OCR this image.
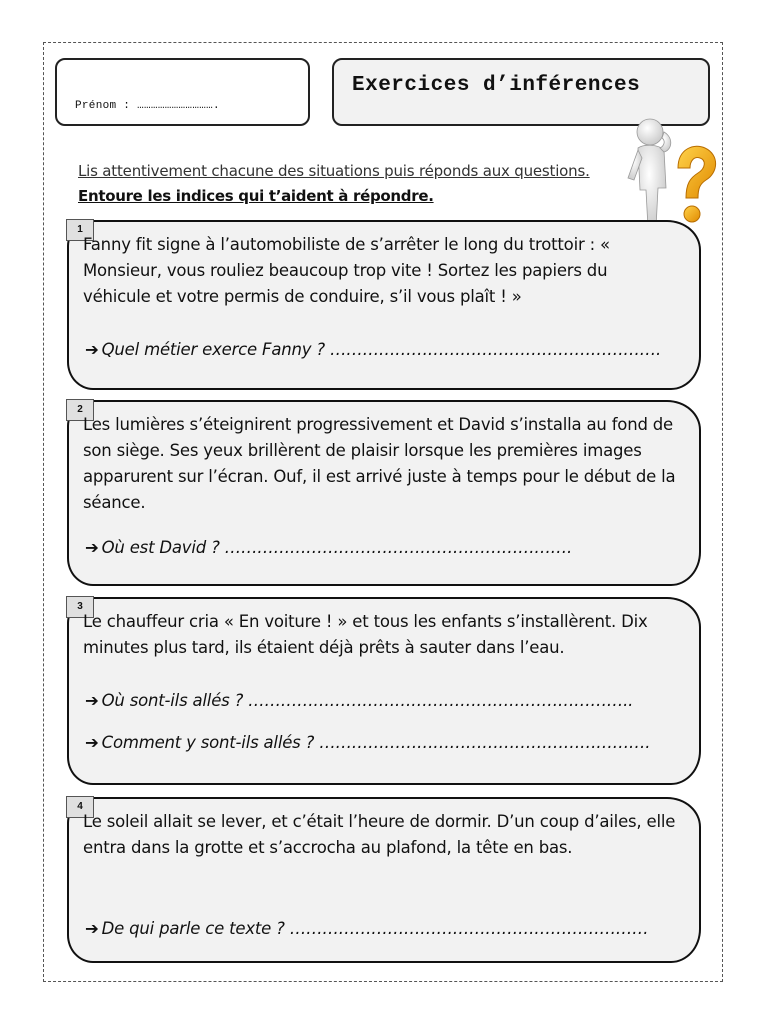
Prénom : …………………………….
Exercices d’inférences
Lis attentivement chacune des situations puis réponds aux questions.
Entoure les indices qui t’aident à répondre.
1
Fanny fit signe à l’automobiliste de s’arrêter le long du trottoir : « Monsieur, vous rouliez beaucoup trop vite ! Sortez les papiers du véhicule et votre permis de conduire, s’il vous plaît ! »
➔ Quel métier exerce Fanny ? …………………………………………………….
2
Les lumières s’éteignirent progressivement et David s’installa au fond de son siège. Ses yeux brillèrent de plaisir lorsque les premières images apparurent sur l’écran. Ouf, il est arrivé juste à temps pour le début de la séance.
➔ Où est David ? ……………………………………………………….
3
Le chauffeur cria « En voiture ! » et tous les enfants s’installèrent. Dix minutes plus tard, ils étaient déjà prêts à sauter dans l’eau.
➔ Où sont-ils allés ? ……………………………………………………………..
➔ Comment y sont-ils allés ? …………………………………………………….
4
Le soleil allait se lever, et c’était l’heure de dormir. D’un coup d’ailes, elle entra dans la grotte et s’accrocha au plafond, la tête en bas.
➔ De qui parle ce texte ? …………………………………………………………
